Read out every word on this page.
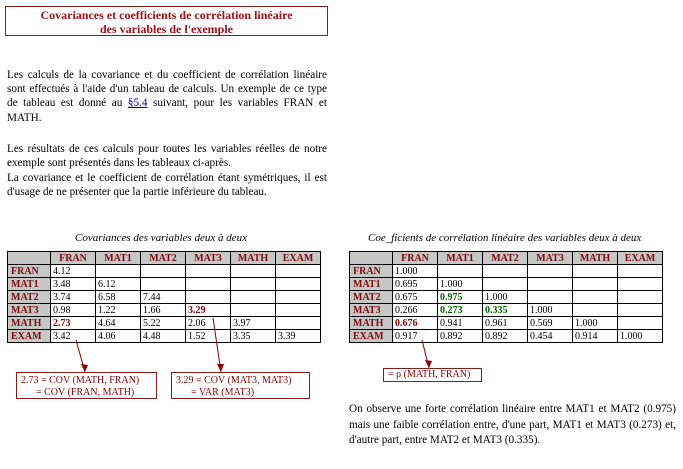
Covariances et coefficients de corrélation linéaire
des variables de l'exemple

Les calculs de la covariance et du coefficient de corrélation linéaire sont effectués à l'aide d'un tableau de calculs. Un exemple de ce type de tableau est donné au §5.4 suivant, pour les variables FRAN et MATH.

Les résultats de ces calculs pour toutes les variables réelles de notre exemple sont présentés dans les tableaux ci-après.

La covariance et le coefficient de corrélation étant symétriques, il est d'usage de ne présenter que la partie inférieure du tableau.

Covariances des variables deux à deux	Coe_ficients de corrélation linéaire des variables deux à deux
	FRAN	MAT1	MAT2	MAT3	MATH	EXAM
FRAN	4.12					
MAT1	3.48	6.12				
MAT2	3.74	6.58	7.44			
MAT3	0.98	1.22	1.66	3.29		
MATH	2.73	4.64	5.22	2.06	3.97	
EXAM	3.42	4.06	4.48	1.52	3.35	3.39
	FRAN	MAT1	MAT2	MAT3	MATH	EXAM
FRAN	1.000					
MAT1	0.695	1.000				
MAT2	0.675	0.975	1.000			
MAT3	0.266	0.273	0.335	1.000		
MATH	0.676	0.941	0.961	0.569	1.000	
EXAM	0.917	0.892	0.892	0.454	0.914	1.000
2.73 = COV (MATH, FRAN)
= COV (FRAN, MATH)
3.29 = COV (MAT3, MAT3)
= VAR (MAT3)
= ρ (MATH, FRAN)

On observe une forte corrélation linéaire entre MAT1 et MAT2 (0.975) mais une faible corrélation entre, d'une part, MAT1 et MAT3 (0.273) et, d'autre part, entre MAT2 et MAT3 (0.335).
